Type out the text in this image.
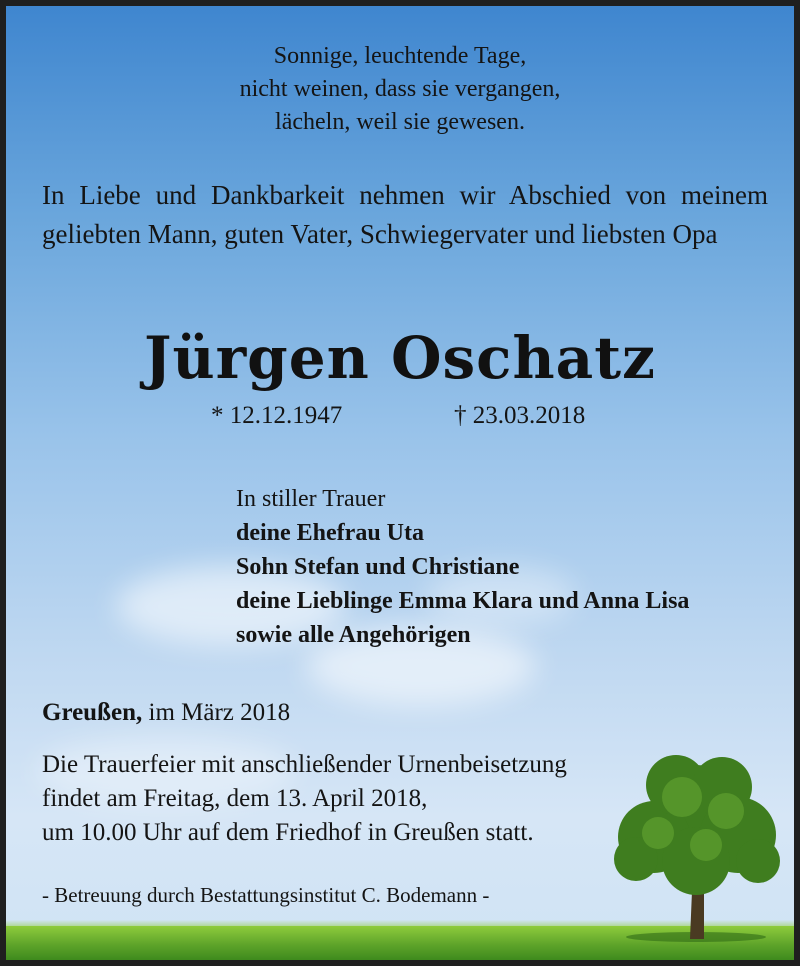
Sonnige, leuchtende Tage,
nicht weinen, dass sie vergangen,
lächeln, weil sie gewesen.
In Liebe und Dankbarkeit nehmen wir Abschied von meinem geliebten Mann, guten Vater, Schwiegervater und liebsten Opa
Jürgen Oschatz
* 12.12.1947	† 23.03.2018
In stiller Trauer
deine Ehefrau Uta
Sohn Stefan und Christiane
deine Lieblinge Emma Klara und Anna Lisa
sowie alle Angehörigen
Greußen, im März 2018
Die Trauerfeier mit anschließender Urnenbeisetzung
findet am Freitag, dem 13. April 2018,
um 10.00 Uhr auf dem Friedhof in Greußen statt.
- Betreuung durch Bestattungsinstitut C. Bodemann -
